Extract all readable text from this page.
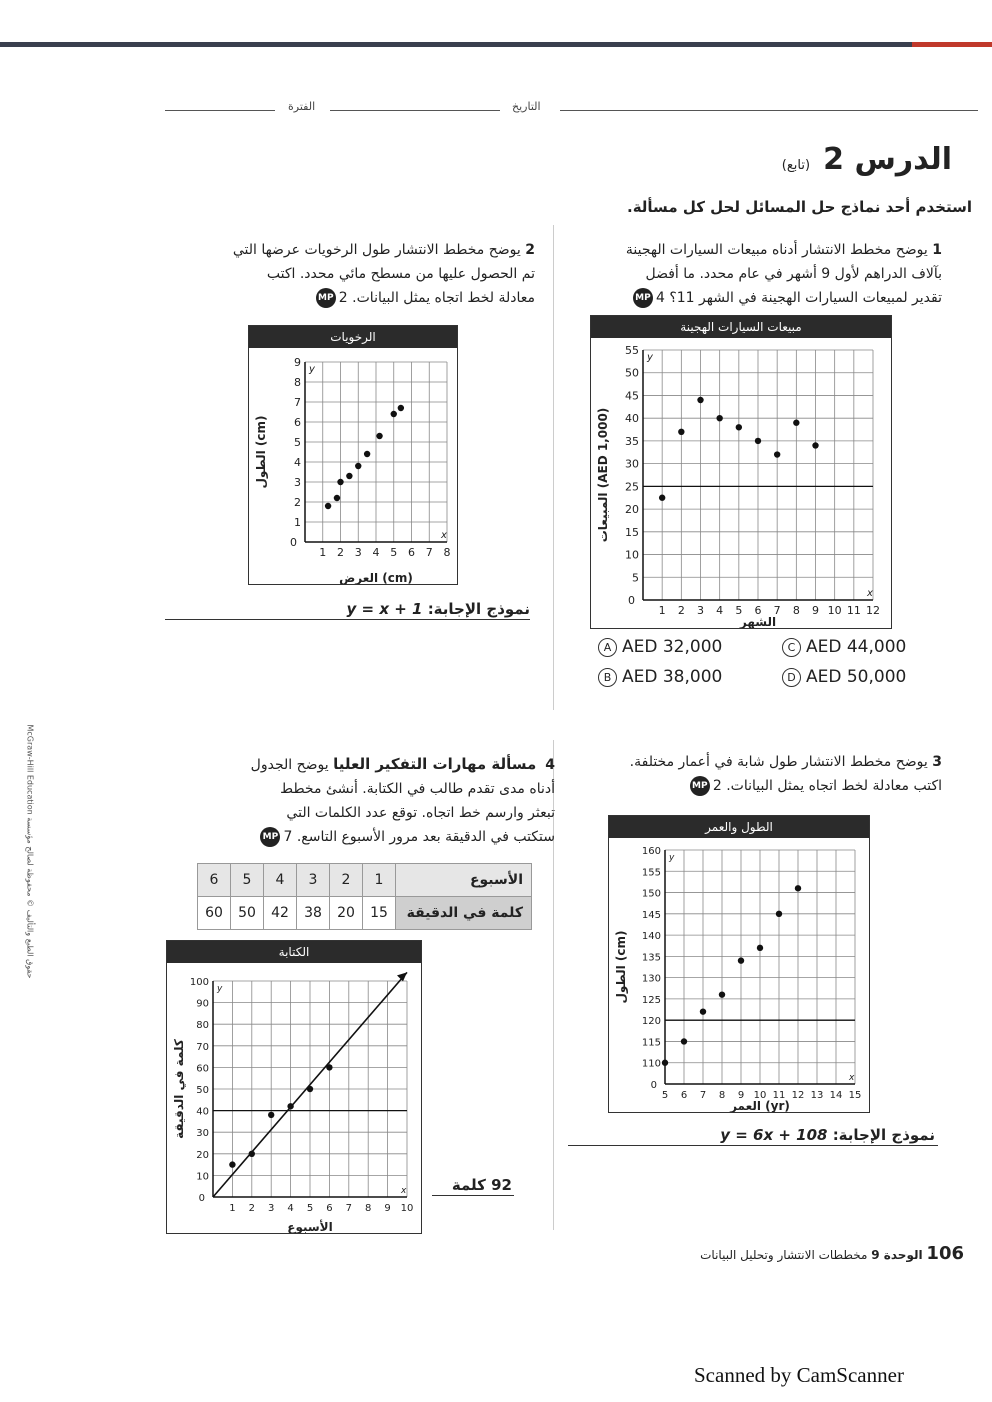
الفترة	التاريخ
الدرس 2 (تابع)
استخدم أحد نماذج حل المسائل لحل كل مسألة.
1 يوضح مخطط الانتشار أدناه مبيعات السيارات الهجينة
بآلاف الدراهم لأول 9 أشهر في عام محدد. ما أفضل
تقدير لمبيعات السيارات الهجينة في الشهر 11؟ 4MP
مبيعات السيارات الهجينة
1 2 3 4 5 6 7 8 9 10 11 12
5
10
15
20
25
30
35
40
45
50
55
0
x
y
الشهر
المبيعات (AED 1,000)
A AED 32,000
B AED 38,000
C AED 44,000
D AED 50,000
2 يوضح مخطط الانتشار طول الرخويات عرضها التي
تم الحصول عليها من مسطح مائي محدد. اكتب
معادلة لخط اتجاه يمثل البيانات. 2MP
الرخويات
1 2 3 4 5 6 7 8
1
2
3
4
5
6
7
8
9
0
x
y
العرض (cm)
الطول (cm)
نموذج الإجابة: y = x + 1
3 يوضح مخطط الانتشار طول شابة في أعمار مختلفة.
اكتب معادلة لخط اتجاه يمثل البيانات. 2MP
الطول والعمر
5 6 7 8 9 10 11 12 13 14 15
110
115
120
125
130
135
140
145
150
155
160
0
x
y
العمر (yr)
الطول (cm)
نموذج الإجابة: y = 6x + 108
4  مسألة مهارات التفكير العليا يوضح الجدول
أدناه مدى تقدم طالب في الكتابة. أنشئ مخطط
تبعثر وارسم خط اتجاه. توقع عدد الكلمات التي
ستكتب في الدقيقة بعد مرور الأسبوع التاسع. 7MP
6	5	4	3	2	1	الأسبوع
60	50	42	38	20	15	كلمة في الدقيقة
الكتابة
1 2 3 4 5 6 7 8 9 10
10
20
30
40
50
60
70
80
90
100
0
x
y
الأسبوع
كلمة في الدقيقة
92 كلمة
McGraw-Hill Education حقوق الطبع والتأليف © محفوظة لصالح مؤسسة
106 الوحدة 9 مخططات الانتشار وتحليل البيانات
Scanned by CamScanner
